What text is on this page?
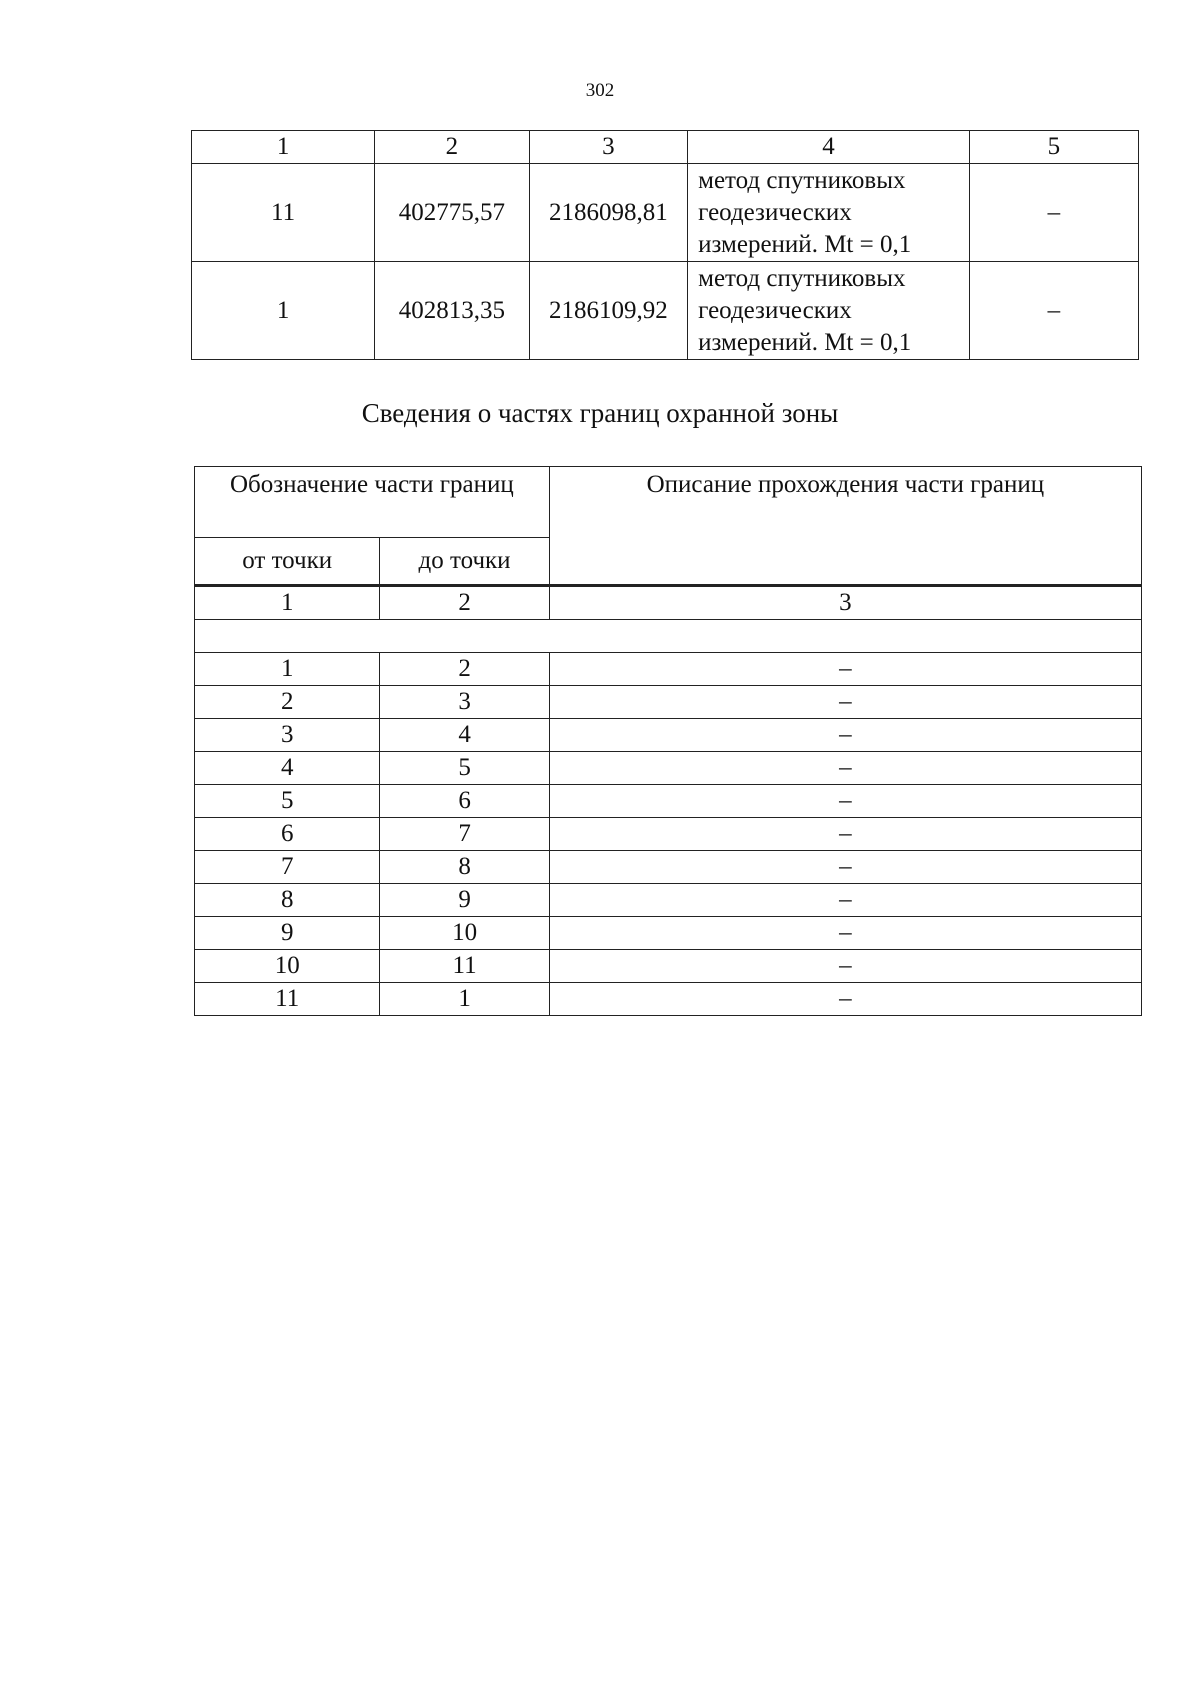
302
1	2	3	4	5
11	402775,57	2186098,81	метод спутниковых
геодезических
измерений. Mt = 0,1	–
1	402813,35	2186109,92	метод спутниковых
геодезических
измерений. Mt = 0,1	–
Сведения о частях границ охранной зоны
Обозначение части границ		Описание прохождения части границ
от точки	до точки	
1	2	3

1	2	–
2	3	–
3	4	–
4	5	–
5	6	–
6	7	–
7	8	–
8	9	–
9	10	–
10	11	–
11	1	–
